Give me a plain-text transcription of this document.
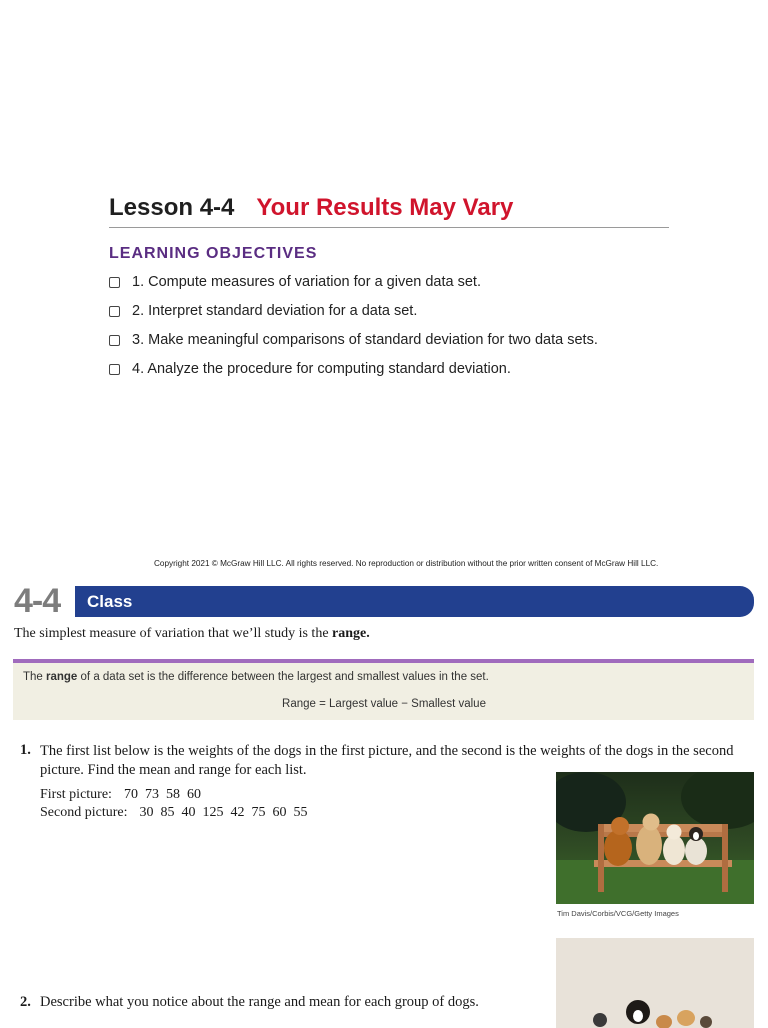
Lesson 4-4 Your Results May Vary
LEARNING OBJECTIVES
1. Compute measures of variation for a given data set.
2. Interpret standard deviation for a data set.
3. Make meaningful comparisons of standard deviation for two data sets.
4. Analyze the procedure for computing standard deviation.
Copyright 2021 © McGraw Hill LLC. All rights reserved. No reproduction or distribution without the prior written consent of McGraw Hill LLC.
4-4 Class
The simplest measure of variation that we’ll study is the range.
The range of a data set is the difference between the largest and smallest values in the set.
Range = Largest value − Smallest value
1. The first list below is the weights of the dogs in the first picture, and the second is the weights of the dogs in the second picture. Find the mean and range for each list.
First picture: 70  73  58  60
Second picture: 30  85  40  125  42  75  60  55
Tim Davis/Corbis/VCG/Getty Images
2. Describe what you notice about the range and mean for each group of dogs.
